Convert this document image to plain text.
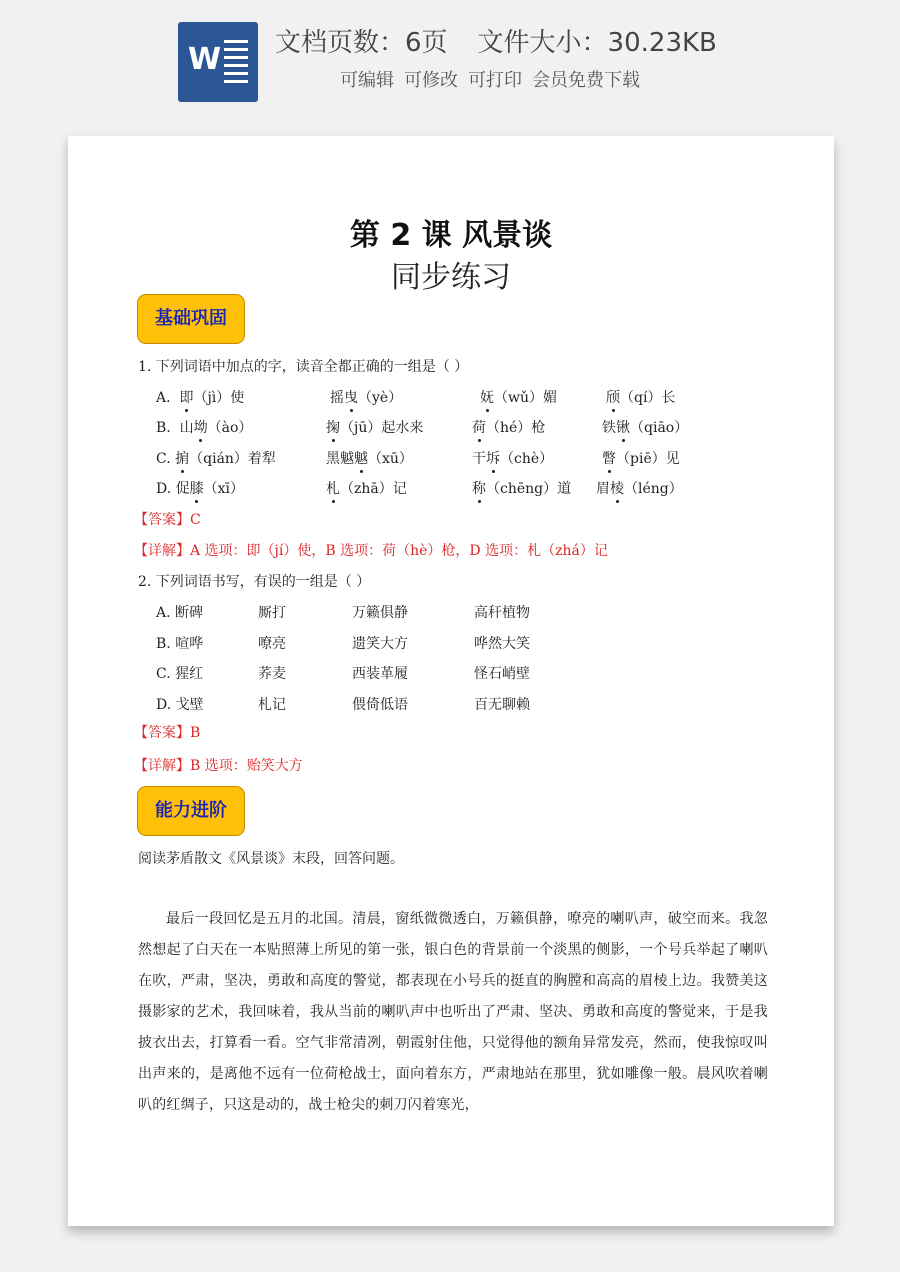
W 文档页数：6页 文件大小：30.23KB
可编辑 可修改 可打印 会员免费下载
第 2 课 风景谈
同步练习
基础巩固
1. 下列词语中加点的字，读音全都正确的一组是（ ）
A. 即（jì）使	摇曳（yè）	妩（wǔ）媚	颀（qí）长
B. 山坳（ào）	掬（jū）起水来	荷（hé）枪	铁锹（qiāo）
C. 掮（qián）着犁	黑魆魆（xū）	干坼（chè）	瞥（piē）见
D. 促膝（xī）	札（zhā）记	称（chēng）道 眉棱（léng）
【答案】C
【详解】A 选项：即（jí）使，B 选项：荷（hè）枪，D 选项：札（zhá）记
2. 下列词语书写，有误的一组是（ ）
A. 断碑	厮打	万籁俱静	高秆植物
B. 喧哗	嘹亮	遗笑大方	哗然大笑
C. 猩红	荞麦	西装革履	怪石峭壁
D. 戈壁	札记	偎倚低语	百无聊赖
【答案】B
【详解】B 选项：贻笑大方
能力进阶
阅读茅盾散文《风景谈》末段，回答问题。
最后一段回忆是五月的北国。清晨，窗纸微微透白，万籁俱静，嘹亮的喇叭声，破空而来。我忽然想起了白天在一本贴照薄上所见的第一张，银白色的背景前一个淡黑的侧影，一个号兵举起了喇叭在吹，严肃，坚决，勇敢和高度的警觉，都表现在小号兵的挺直的胸膛和高高的眉棱上边。我赞美这摄影家的艺术，我回味着，我从当前的喇叭声中也听出了严肃、坚决、勇敢和高度的警觉来，于是我披衣出去，打算看一看。空气非常清冽，朝霞射住他，只觉得他的额角异常发亮，然而，使我惊叹叫出声来的，是离他不远有一位荷枪战士，面向着东方，严肃地站在那里，犹如雕像一般。晨风吹着喇叭的红绸子，只这是动的，战士枪尖的刺刀闪着寒光，
